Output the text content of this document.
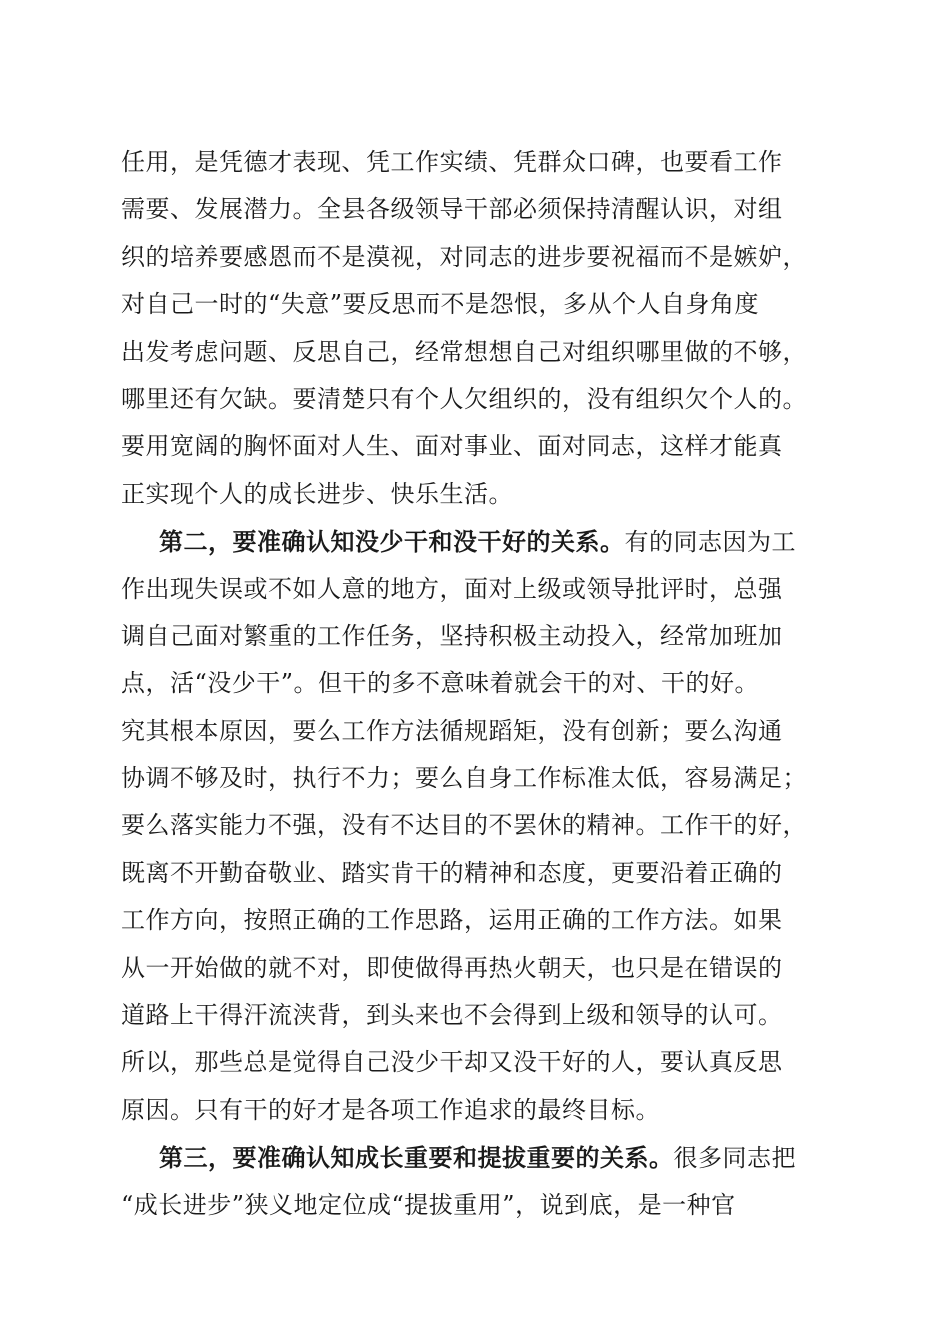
任用，是凭德才表现、凭工作实绩、凭群众口碑，也要看工作
需要、发展潜力。全县各级领导干部必须保持清醒认识，对组
织的培养要感恩而不是漠视，对同志的进步要祝福而不是嫉妒，
对自己一时的“失意”要反思而不是怨恨，多从个人自身角度
出发考虑问题、反思自己，经常想想自己对组织哪里做的不够，
哪里还有欠缺。要清楚只有个人欠组织的，没有组织欠个人的。
要用宽阔的胸怀面对人生、面对事业、面对同志，这样才能真
正实现个人的成长进步、快乐生活。
第二，要准确认知没少干和没干好的关系。有的同志因为工
作出现失误或不如人意的地方，面对上级或领导批评时，总强
调自己面对繁重的工作任务，坚持积极主动投入，经常加班加
点，活“没少干”。但干的多不意味着就会干的对、干的好。
究其根本原因，要么工作方法循规蹈矩，没有创新；要么沟通
协调不够及时，执行不力；要么自身工作标准太低，容易满足；
要么落实能力不强，没有不达目的不罢休的精神。工作干的好，
既离不开勤奋敬业、踏实肯干的精神和态度，更要沿着正确的
工作方向，按照正确的工作思路，运用正确的工作方法。如果
从一开始做的就不对，即使做得再热火朝天，也只是在错误的
道路上干得汗流浃背，到头来也不会得到上级和领导的认可。
所以，那些总是觉得自己没少干却又没干好的人，要认真反思
原因。只有干的好才是各项工作追求的最终目标。
第三，要准确认知成长重要和提拔重要的关系。很多同志把
“成长进步”狭义地定位成“提拔重用”，说到底，是一种官
